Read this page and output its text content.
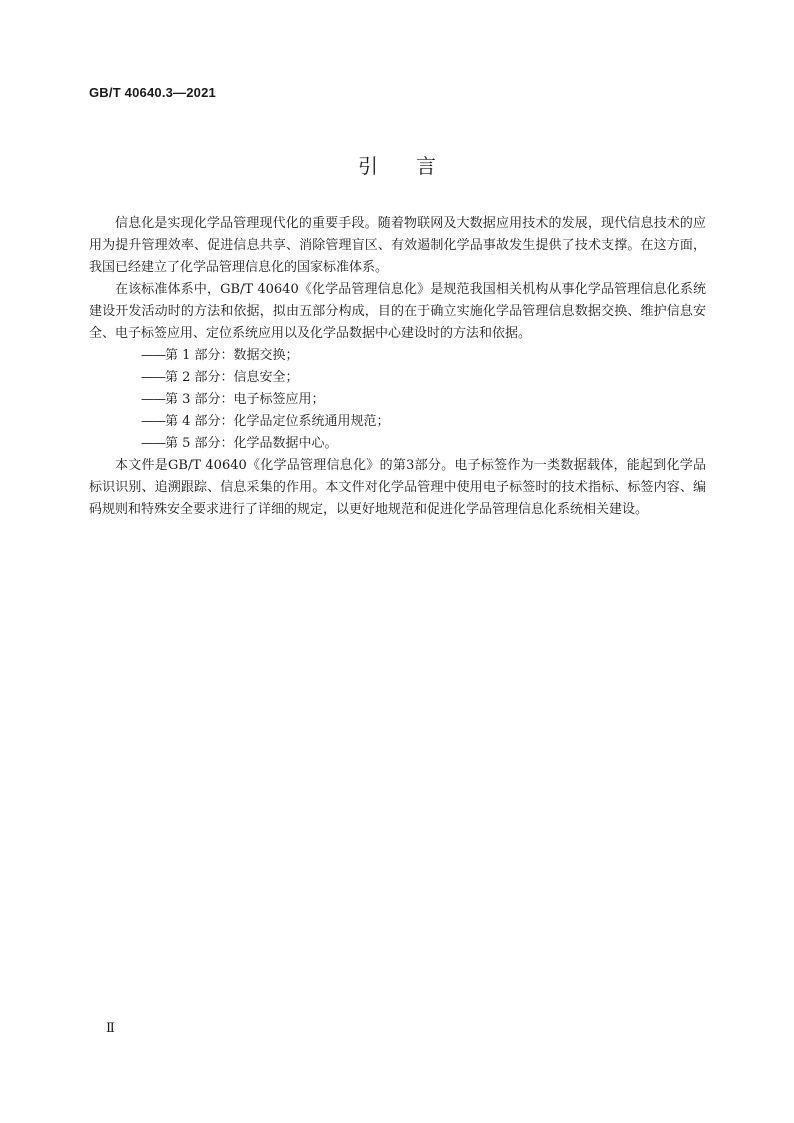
GB/T 40640.3—2021
引言

信息化是实现化学品管理现代化的重要手段。随着物联网及大数据应用技术的发展，现代信息技术的应用为提升管理效率、促进信息共享、消除管理盲区、有效遏制化学品事故发生提供了技术支撑。在这方面，我国已经建立了化学品管理信息化的国家标准体系。

在该标准体系中，GB/T 40640《化学品管理信息化》是规范我国相关机构从事化学品管理信息化系统建设开发活动时的方法和依据，拟由五部分构成，目的在于确立实施化学品管理信息数据交换、维护信息安全、电子标签应用、定位系统应用以及化学品数据中心建设时的方法和依据。

——第 1 部分：数据交换；
——第 2 部分：信息安全；
——第 3 部分：电子标签应用；
——第 4 部分：化学品定位系统通用规范；
——第 5 部分：化学品数据中心。

本文件是GB/T 40640《化学品管理信息化》的第3部分。电子标签作为一类数据载体，能起到化学品标识识别、追溯跟踪、信息采集的作用。本文件对化学品管理中使用电子标签时的技术指标、标签内容、编码规则和特殊安全要求进行了详细的规定，以更好地规范和促进化学品管理信息化系统相关建设。

Ⅱ
